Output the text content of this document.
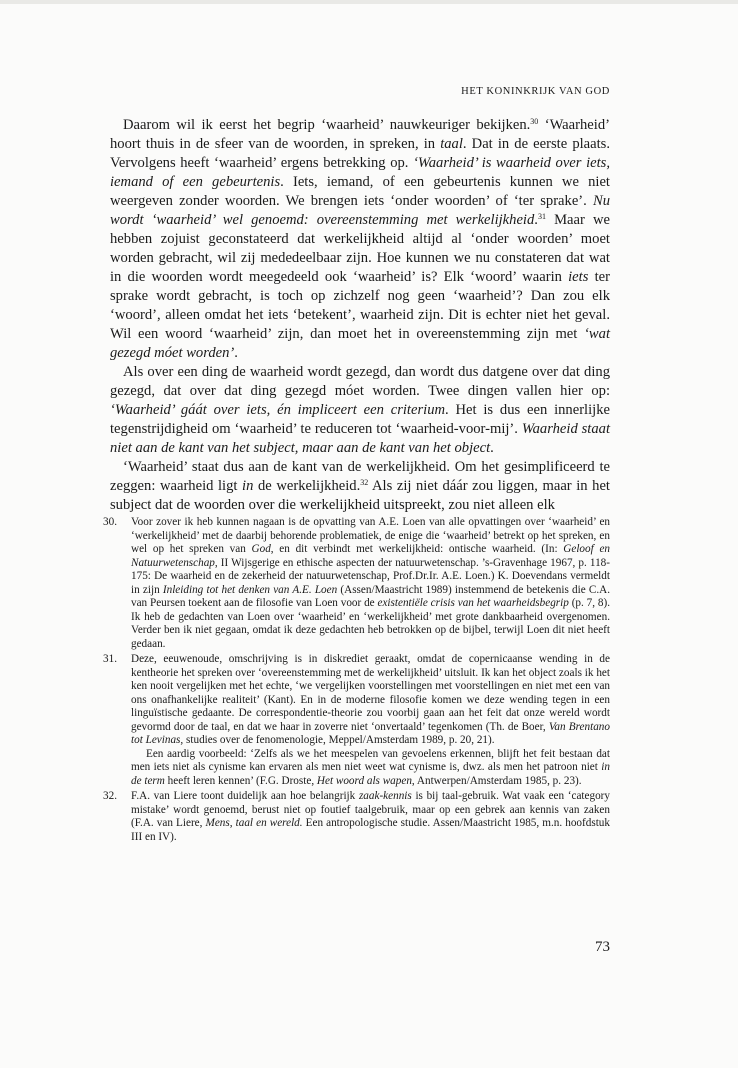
HET KONINKRIJK VAN GOD

Daarom wil ik eerst het begrip ‘waarheid’ nauwkeuriger bekijken.$^{30}$ ‘Waarheid’ hoort thuis in de sfeer van de woorden, in spreken, in taal. Dat in de eerste plaats. Vervolgens heeft ‘waarheid’ ergens betrekking op. ‘Waarheid’ is waarheid over iets, iemand of een gebeurtenis. Iets, iemand, of een gebeurtenis kunnen we niet weergeven zonder woorden. We brengen iets ‘onder woorden’ of ‘ter sprake’. Nu wordt ‘waarheid’ wel genoemd: overeenstemming met werkelijkheid.$^{31}$ Maar we hebben zojuist geconstateerd dat werkelijkheid altijd al ‘onder woorden’ moet worden gebracht, wil zij mededeelbaar zijn. Hoe kunnen we nu constateren dat wat in die woorden wordt meegedeeld ook ‘waarheid’ is? Elk ‘woord’ waarin iets ter sprake wordt gebracht, is toch op zichzelf nog geen ‘waarheid’? Dan zou elk ‘woord’, alleen omdat het iets ‘betekent’, waarheid zijn. Dit is echter niet het geval. Wil een woord ‘waarheid’ zijn, dan moet het in overeenstemming zijn met ‘wat gezegd móet worden’.

Als over een ding de waarheid wordt gezegd, dan wordt dus datgene over dat ding gezegd, dat over dat ding gezegd móet worden. Twee dingen vallen hier op: ‘Waarheid’ gáát over iets, én impliceert een criterium. Het is dus een innerlijke tegenstrijdigheid om ‘waarheid’ te reduceren tot ‘waarheid-voor-mij’. Waarheid staat niet aan de kant van het subject, maar aan de kant van het object.

‘Waarheid’ staat dus aan de kant van de werkelijkheid. Om het gesimplificeerd te zeggen: waarheid ligt in de werkelijkheid.$^{32}$ Als zij niet dáár zou liggen, maar in het subject dat de woorden over die werkelijkheid uitspreekt, zou niet alleen elk

30.	Voor zover ik heb kunnen nagaan is de opvatting van A.E. Loen van alle opvattingen over ‘waarheid’ en ‘werkelijkheid’ met de daarbij behorende problematiek, de enige die ‘waarheid’ betrekt op het spreken, en wel op het spreken van God, en dit verbindt met werkelijkheid: ontische waarheid. (In: Geloof en Natuurwetenschap, II Wijsgerige en ethische aspecten der natuurwetenschap. ’s-Gravenhage 1967, p. 118-175: De waarheid en de zekerheid der natuurwetenschap, Prof.Dr.Ir. A.E. Loen.) K. Doevendans vermeldt in zijn Inleiding tot het denken van A.E. Loen (Assen/Maastricht 1989) instemmend de betekenis die C.A. van Peursen toekent aan de filosofie van Loen voor de existentiële crisis van het waarheidsbegrip (p. 7, 8). Ik heb de gedachten van Loen over ‘waarheid’ en ‘werkelijkheid’ met grote dankbaarheid overgenomen. Verder ben ik niet gegaan, omdat ik deze gedachten heb betrokken op de bijbel, terwijl Loen dit niet heeft gedaan.

31.	Deze, eeuwenoude, omschrijving is in diskrediet geraakt, omdat de copernicaanse wending in de kentheorie het spreken over ‘overeenstemming met de werkelijkheid’ uitsluit. Ik kan het object zoals ik het ken nooit vergelijken met het echte, ‘we vergelijken voorstellingen met voorstellingen en niet met een van ons onafhankelijke realiteit’ (Kant). En in de moderne filosofie komen we deze wending tegen in een linguïstische gedaante. De correspondentie-theorie zou voorbij gaan aan het feit dat onze wereld wordt gevormd door de taal, en dat we haar in zoverre niet ‘onvertaald’ tegenkomen (Th. de Boer, Van Brentano tot Levinas, studies over de fenomenologie, Meppel/Amsterdam 1989, p. 20, 21).

Een aardig voorbeeld: ‘Zelfs als we het meespelen van gevoelens erkennen, blijft het feit bestaan dat men iets niet als cynisme kan ervaren als men niet weet wat cynisme is, dwz. als men het patroon niet in de term heeft leren kennen’ (F.G. Droste, Het woord als wapen, Antwerpen/Amsterdam 1985, p. 23).

32.	F.A. van Liere toont duidelijk aan hoe belangrijk zaak-kennis is bij taal-gebruik. Wat vaak een ‘category mistake’ wordt genoemd, berust niet op foutief taalgebruik, maar op een gebrek aan kennis van zaken (F.A. van Liere, Mens, taal en wereld. Een antropologische studie. Assen/Maastricht 1985, m.n. hoofdstuk III en IV).

73
